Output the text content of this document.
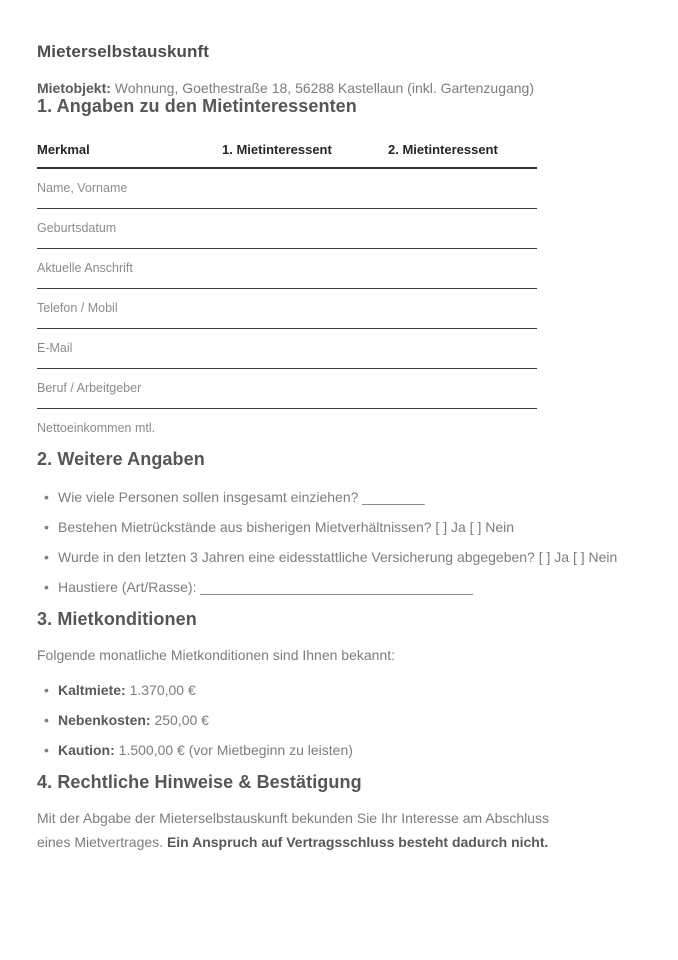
Mieterselbstauskunft
Mietobjekt: Wohnung, Goethestraße 18, 56288 Kastellaun (inkl. Gartenzugang)
1. Angaben zu den Mietinteressenten
Merkmal	1. Mietinteressent	2. Mietinteressent
Name, Vorname
Geburtsdatum
Aktuelle Anschrift
Telefon / Mobil
E-Mail
Beruf / Arbeitgeber
Nettoeinkommen mtl.
2. Weitere Angaben
• Wie viele Personen sollen insgesamt einziehen? ________
• Bestehen Mietrückstände aus bisherigen Mietverhältnissen? [ ] Ja [ ] Nein
• Wurde in den letzten 3 Jahren eine eidesstattliche Versicherung abgegeben? [ ] Ja [ ] Nein
• Haustiere (Art/Rasse): ___________________________________
3. Mietkonditionen
Folgende monatliche Mietkonditionen sind Ihnen bekannt:
• Kaltmiete: 1.370,00 €
• Nebenkosten: 250,00 €
• Kaution: 1.500,00 € (vor Mietbeginn zu leisten)
4. Rechtliche Hinweise & Bestätigung

Mit der Abgabe der Mieterselbstauskunft bekunden Sie Ihr Interesse am Abschluss eines Mietvertrages. Ein Anspruch auf Vertragsschluss besteht dadurch nicht.
